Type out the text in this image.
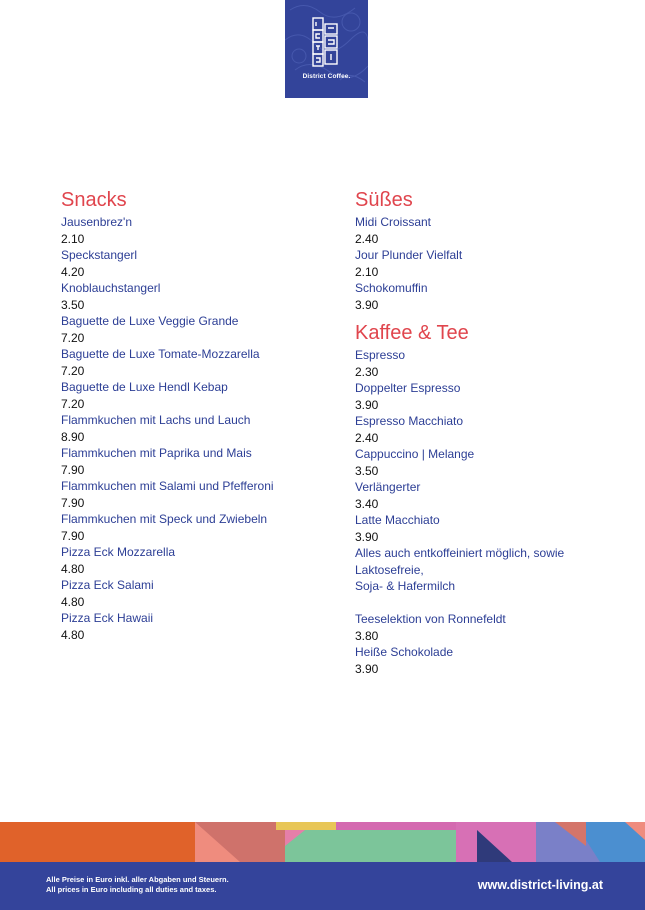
District Coffee.
Snacks
Jausenbrez'n
2.10
Speckstangerl
4.20
Knoblauchstangerl
3.50
Baguette de Luxe Veggie Grande
7.20
Baguette de Luxe Tomate-Mozzarella
7.20
Baguette de Luxe Hendl Kebap
7.20
Flammkuchen mit Lachs und Lauch
8.90
Flammkuchen mit Paprika und Mais
7.90
Flammkuchen mit Salami und Pfefferoni
7.90
Flammkuchen mit Speck und Zwiebeln
7.90
Pizza Eck Mozzarella
4.80
Pizza Eck Salami
4.80
Pizza Eck Hawaii
4.80
Süßes
Midi Croissant
2.40
Jour Plunder Vielfalt
2.10
Schokomuffin
3.90
Kaffee & Tee
Espresso
2.30
Doppelter Espresso
3.90
Espresso Macchiato
2.40
Cappuccino | Melange
3.50
Verlängerter
3.40
Latte Macchiato
3.90
Alles auch entkoffeiniert möglich, sowie
Laktosefreie,
Soja- & Hafermilch
Teeselektion von Ronnefeldt
3.80
Heiße Schokolade
3.90
Alle Preise in Euro inkl. aller Abgaben und Steuern.
All prices in Euro including all duties and taxes.	www.district-living.at
